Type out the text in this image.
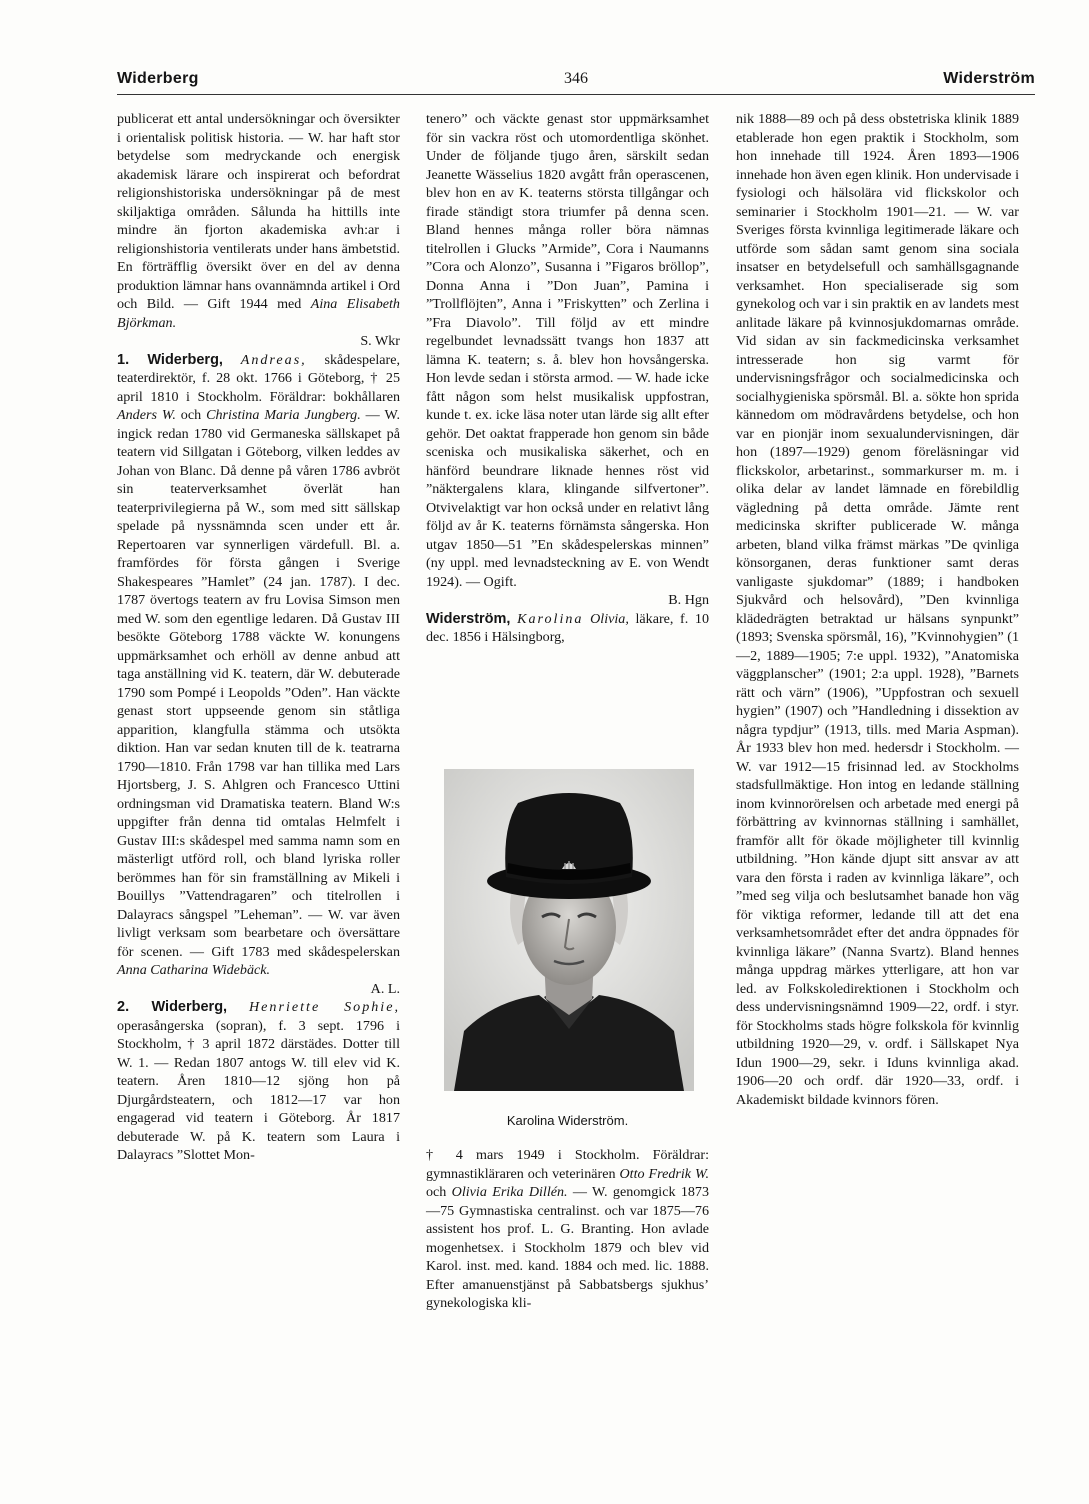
Widerberg	346	Widerström

publicerat ett antal undersökningar och översikter i orientalisk politisk historia. — W. har haft stor betydelse som medryckande och energisk akademisk lärare och inspirerat och befordrat religionshistoriska undersökningar på de mest skiljaktiga områden. Sålunda ha hittills inte mindre än fjorton akademiska avh:ar i religionshistoria ventilerats under hans ämbetstid. En förträfflig översikt över en del av denna produktion lämnar hans ovannämnda artikel i Ord och Bild. — Gift 1944 med Aina Elisabeth Björkman.
S. Wkr

1. Widerberg, Andreas, skådespelare, teaterdirektör, f. 28 okt. 1766 i Göteborg, † 25 april 1810 i Stockholm. Föräldrar: bokhållaren Anders W. och Christina Maria Jungberg. — W. ingick redan 1780 vid Germaneska sällskapet på teatern vid Sillgatan i Göteborg, vilken leddes av Johan von Blanc. Då denne på våren 1786 avbröt sin teaterverksamhet överlät han teaterprivilegierna på W., som med sitt sällskap spelade på nyssnämnda scen under ett år. Repertoaren var synnerligen värdefull. Bl. a. framfördes för första gången i Sverige Shakespeares ”Hamlet” (24 jan. 1787). I dec. 1787 övertogs teatern av fru Lovisa Simson men med W. som den egentlige ledaren. Då Gustav III besökte Göteborg 1788 väckte W. konungens uppmärksamhet och erhöll av denne anbud att taga anställning vid K. teatern, där W. debuterade 1790 som Pompé i Leopolds ”Oden”. Han väckte genast stort uppseende genom sin ståtliga apparition, klangfulla stämma och utsökta diktion. Han var sedan knuten till de k. teatrarna 1790—1810. Från 1798 var han tillika med Lars Hjortsberg, J. S. Ahlgren och Francesco Uttini ordningsman vid Dramatiska teatern. Bland W:s uppgifter från denna tid omtalas Helmfelt i Gustav III:s skådespel med samma namn som en mästerligt utförd roll, och bland lyriska roller berömmes han för sin framställning av Mikeli i Bouillys ”Vattendragaren” och titelrollen i Dalayracs sångspel ”Leheman”. — W. var även livligt verksam som bearbetare och översättare för scenen. — Gift 1783 med skådespelerskan Anna Catharina Widebäck.
A. L.

2. Widerberg, Henriette Sophie, operasångerska (sopran), f. 3 sept. 1796 i Stockholm, † 3 april 1872 därstädes. Dotter till W. 1. — Redan 1807 antogs W. till elev vid K. teatern. Åren 1810—12 sjöng hon på Djurgårdsteatern, och 1812—17 var hon engagerad vid teatern i Göteborg. År 1817 debuterade W. på K. teatern som Laura i Dalayracs ”Slottet Mon-

tenero” och väckte genast stor uppmärksamhet för sin vackra röst och utomordentliga skönhet. Under de följande tjugo åren, särskilt sedan Jeanette Wässelius 1820 avgått från operascenen, blev hon en av K. teaterns största tillgångar och firade ständigt stora triumfer på denna scen. Bland hennes många roller böra nämnas titelrollen i Glucks ”Armide”, Cora i Naumanns ”Cora och Alonzo”, Susanna i ”Figaros bröllop”, Donna Anna i ”Don Juan”, Pamina i ”Trollflöjten”, Anna i ”Friskytten” och Zerlina i ”Fra Diavolo”. Till följd av ett mindre regelbundet levnadssätt tvangs hon 1837 att lämna K. teatern; s. å. blev hon hovsångerska. Hon levde sedan i största armod. — W. hade icke fått någon som helst musikalisk uppfostran, kunde t. ex. icke läsa noter utan lärde sig allt efter gehör. Det oaktat frapperade hon genom sin både sceniska och musikaliska säkerhet, och en hänförd beundrare liknade hennes röst vid ”näktergalens klara, klingande silfvertoner”. Otvivelaktigt var hon också under en relativt lång följd av år K. teaterns förnämsta sångerska. Hon utgav 1850—51 ”En skådespelerskas minnen” (ny uppl. med levnadsteckning av E. von Wendt 1924). — Ogift.
B. Hgn

Widerström, Karolina Olivia, läkare, f. 10 dec. 1856 i Hälsingborg,

Karolina Widerström.

† 4 mars 1949 i Stockholm. Föräldrar: gymnastikläraren och veterinären Otto Fredrik W. och Olivia Erika Dillén. — W. genomgick 1873—75 Gymnastiska centralinst. och var 1875—76 assistent hos prof. L. G. Branting. Hon avlade mogenhetsex. i Stockholm 1879 och blev vid Karol. inst. med. kand. 1884 och med. lic. 1888. Efter amanuenstjänst på Sabbatsbergs sjukhus’ gynekologiska kli-

nik 1888—89 och på dess obstetriska klinik 1889 etablerade hon egen praktik i Stockholm, som hon innehade till 1924. Åren 1893—1906 innehade hon även egen klinik. Hon undervisade i fysiologi och hälsolära vid flickskolor och seminarier i Stockholm 1901—21. — W. var Sveriges första kvinnliga legitimerade läkare och utförde som sådan samt genom sina sociala insatser en betydelsefull och samhällsgagnande verksamhet. Hon specialiserade sig som gynekolog och var i sin praktik en av landets mest anlitade läkare på kvinnosjukdomarnas område. Vid sidan av sin fackmedicinska verksamhet intresserade hon sig varmt för undervisningsfrågor och socialmedicinska och socialhygieniska spörsmål. Bl. a. sökte hon sprida kännedom om mödravårdens betydelse, och hon var en pionjär inom sexualundervisningen, där hon (1897—1929) genom föreläsningar vid flickskolor, arbetarinst., sommarkurser m. m. i olika delar av landet lämnade en förebildlig vägledning på detta område. Jämte rent medicinska skrifter publicerade W. många arbeten, bland vilka främst märkas ”De qvinliga könsorganen, deras funktioner samt deras vanligaste sjukdomar” (1889; i handboken Sjukvård och helsovård), ”Den kvinnliga klädedrägten betraktad ur hälsans synpunkt” (1893; Svenska spörsmål, 16), ”Kvinnohygien” (1—2, 1889—1905; 7:e uppl. 1932), ”Anatomiska väggplanscher” (1901; 2:a uppl. 1928), ”Barnets rätt och värn” (1906), ”Uppfostran och sexuell hygien” (1907) och ”Handledning i dissektion av några typdjur” (1913, tills. med Maria Aspman). År 1933 blev hon med. hedersdr i Stockholm. — W. var 1912—15 frisinnad led. av Stockholms stadsfullmäktige. Hon intog en ledande ställning inom kvinnorörelsen och arbetade med energi på förbättring av kvinnornas ställning i samhället, framför allt för ökade möjligheter till kvinnlig utbildning. ”Hon kände djupt sitt ansvar av att vara den första i raden av kvinnliga läkare”, och ”med seg vilja och beslutsamhet banade hon väg för viktiga reformer, ledande till att det ena verksamhetsområdet efter det andra öppnades för kvinnliga läkare” (Nanna Svartz). Bland hennes många uppdrag märkes ytterligare, att hon var led. av Folkskoledirektionen i Stockholm och dess undervisningsnämnd 1909—22, ordf. i styr. för Stockholms stads högre folkskola för kvinnlig utbildning 1920—29, v. ordf. i Sällskapet Nya Idun 1900—29, sekr. i Iduns kvinnliga akad. 1906—20 och ordf. där 1920—33, ordf. i Akademiskt bildade kvinnors fören.
